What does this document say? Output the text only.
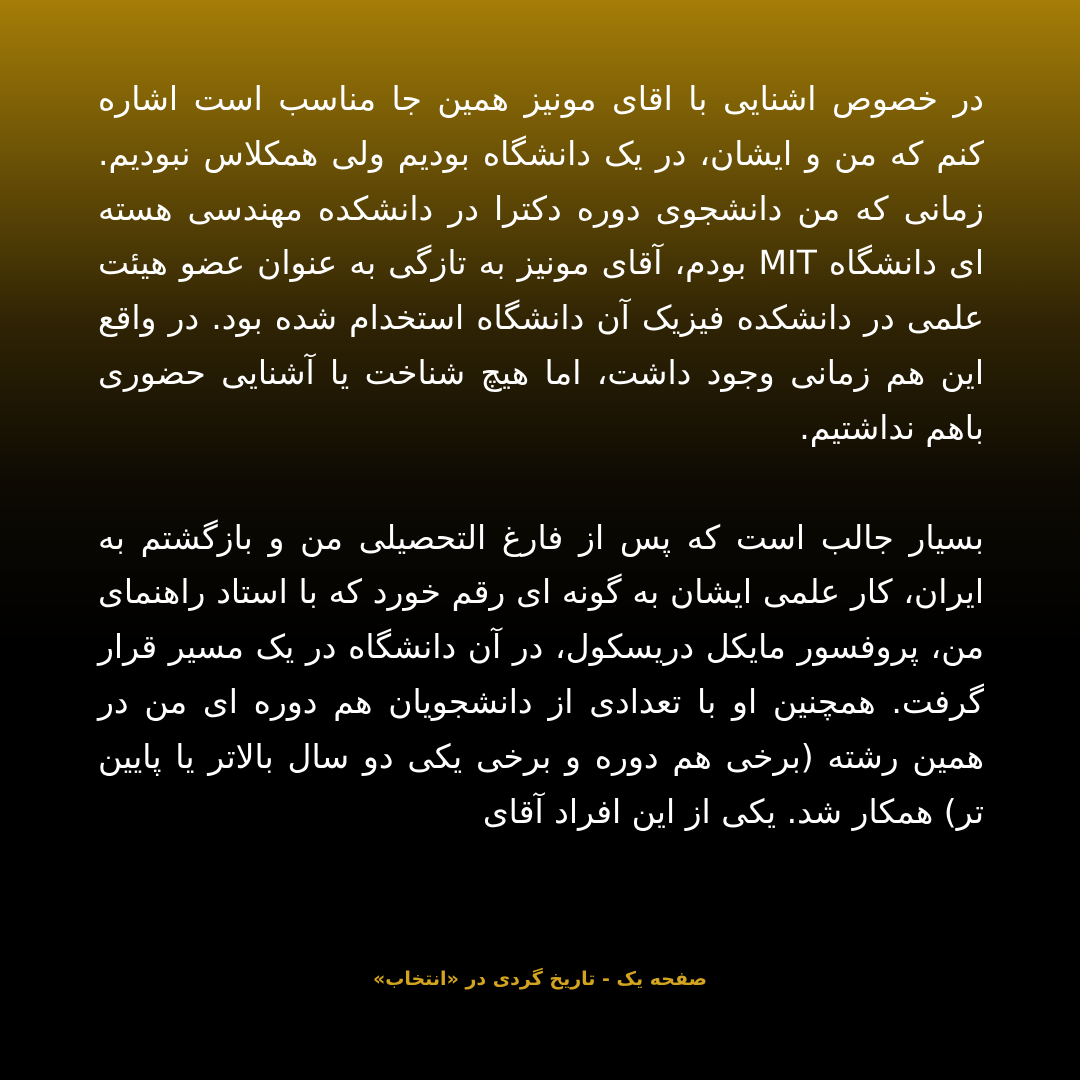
در خصوص اشنایی با اقای مونیز همین جا مناسب است اشاره کنم که من و ایشان، در یک دانشگاه بودیم ولی همکلاس نبودیم. زمانی که من دانشجوی دوره دکترا در دانشکده مهندسی هسته ای دانشگاه MIT بودم، آقای مونیز به تازگی به عنوان عضو هیئت علمی در دانشکده فیزیک آن دانشگاه استخدام شده بود. در واقع این هم زمانی وجود داشت، اما هیچ شناخت یا آشنایی حضوری باهم نداشتیم.

بسیار جالب است که پس از فارغ التحصیلی من و بازگشتم به ایران، کار علمی ایشان به گونه ای رقم خورد که با استاد راهنمای من، پروفسور مایکل دریسکول، در آن دانشگاه در یک مسیر قرار گرفت. همچنین او با تعدادی از دانشجویان هم دوره ای من در همین رشته (برخی هم دوره و برخی یکی دو سال بالاتر یا پایین تر) همکار شد. یکی از این افراد آقای

صفحه یک - تاریخ گردی در «انتخاب»
